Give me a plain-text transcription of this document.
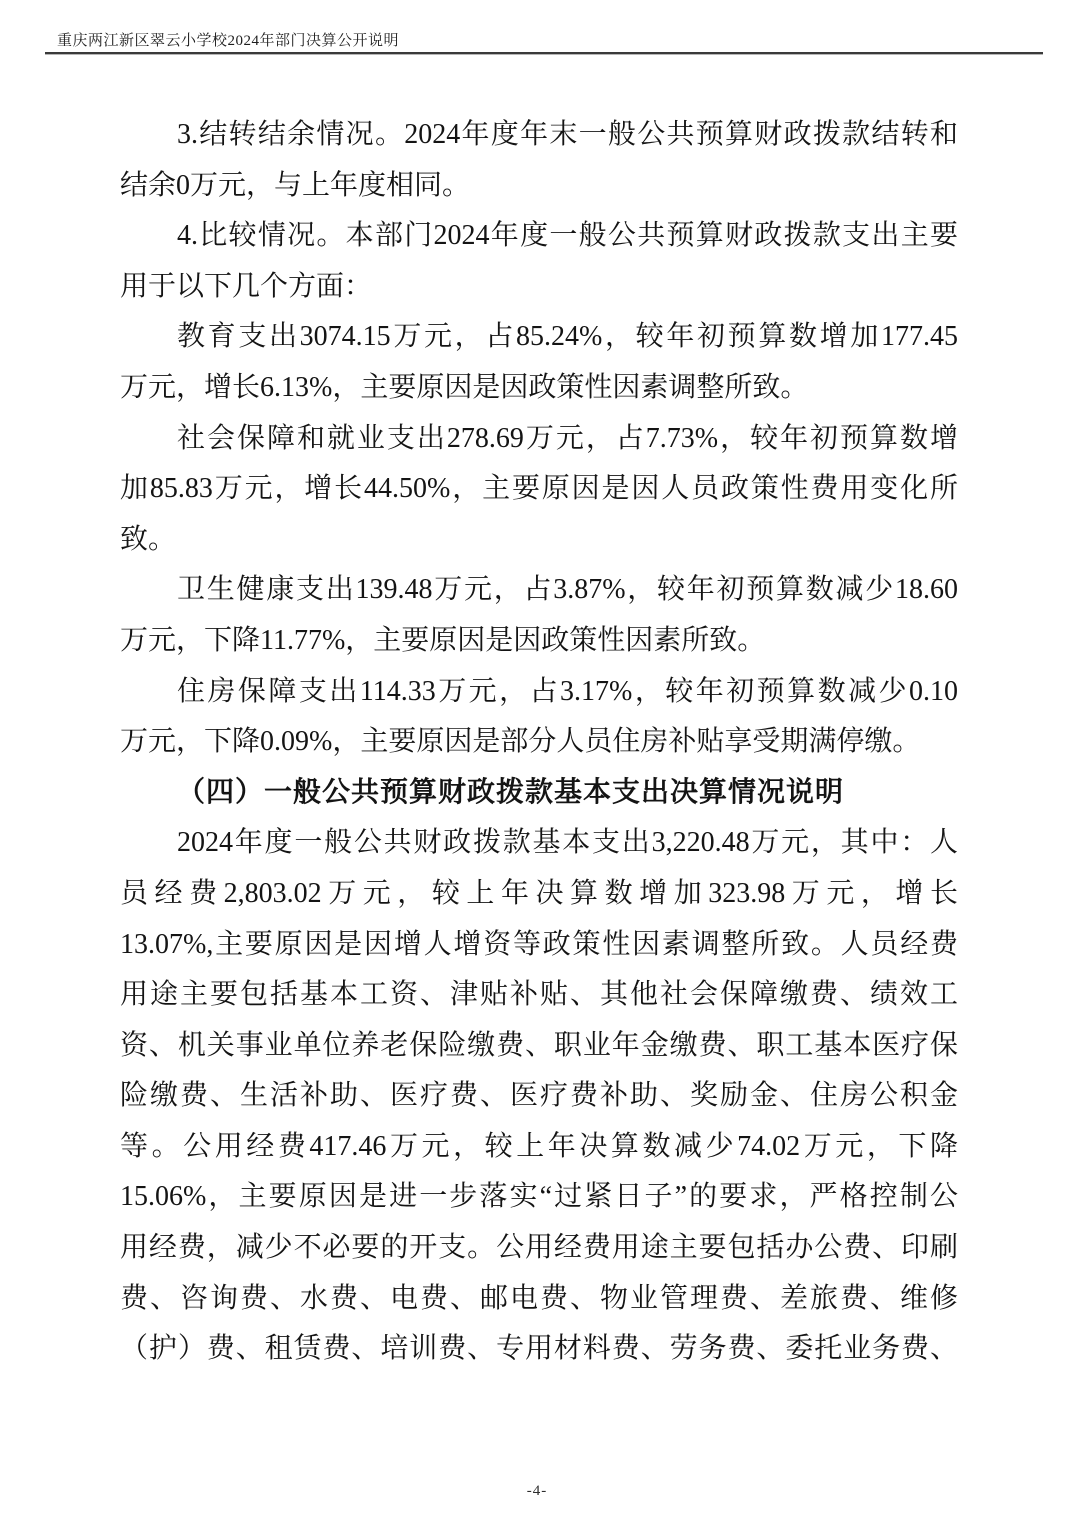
重庆两江新区翠云小学校2024年部门决算公开说明
3.结转结余情况。2024年度年末一般公共预算财政拨款结转和
结余0万元，与上年度相同。
4.比较情况。本部门2024年度一般公共预算财政拨款支出主要
用于以下几个方面：
教育支出3074.15万元，占85.24%，较年初预算数增加177.45
万元，增长6.13%，主要原因是因政策性因素调整所致。
社会保障和就业支出278.69万元，占7.73%，较年初预算数增
加85.83万元，增长44.50%，主要原因是因人员政策性费用变化所
致。
卫生健康支出139.48万元，占3.87%，较年初预算数减少18.60
万元，下降11.77%，主要原因是因政策性因素所致。
住房保障支出114.33万元，占3.17%，较年初预算数减少0.10
万元，下降0.09%，主要原因是部分人员住房补贴享受期满停缴。
（四）一般公共预算财政拨款基本支出决算情况说明
2024年度一般公共财政拨款基本支出3,220.48万元，其中：人
员经费2,803.02万元，较上年决算数增加323.98万元，增长
13.07%,主要原因是因增人增资等政策性因素调整所致。人员经费
用途主要包括基本工资、津贴补贴、其他社会保障缴费、绩效工
资、机关事业单位养老保险缴费、职业年金缴费、职工基本医疗保
险缴费、生活补助、医疗费、医疗费补助、奖励金、住房公积金
等。公用经费417.46万元，较上年决算数减少74.02万元，下降
15.06%，主要原因是进一步落实“过紧日子”的要求，严格控制公
用经费，减少不必要的开支。公用经费用途主要包括办公费、印刷
费、咨询费、水费、电费、邮电费、物业管理费、差旅费、维修
（护）费、租赁费、培训费、专用材料费、劳务费、委托业务费、
-4-
